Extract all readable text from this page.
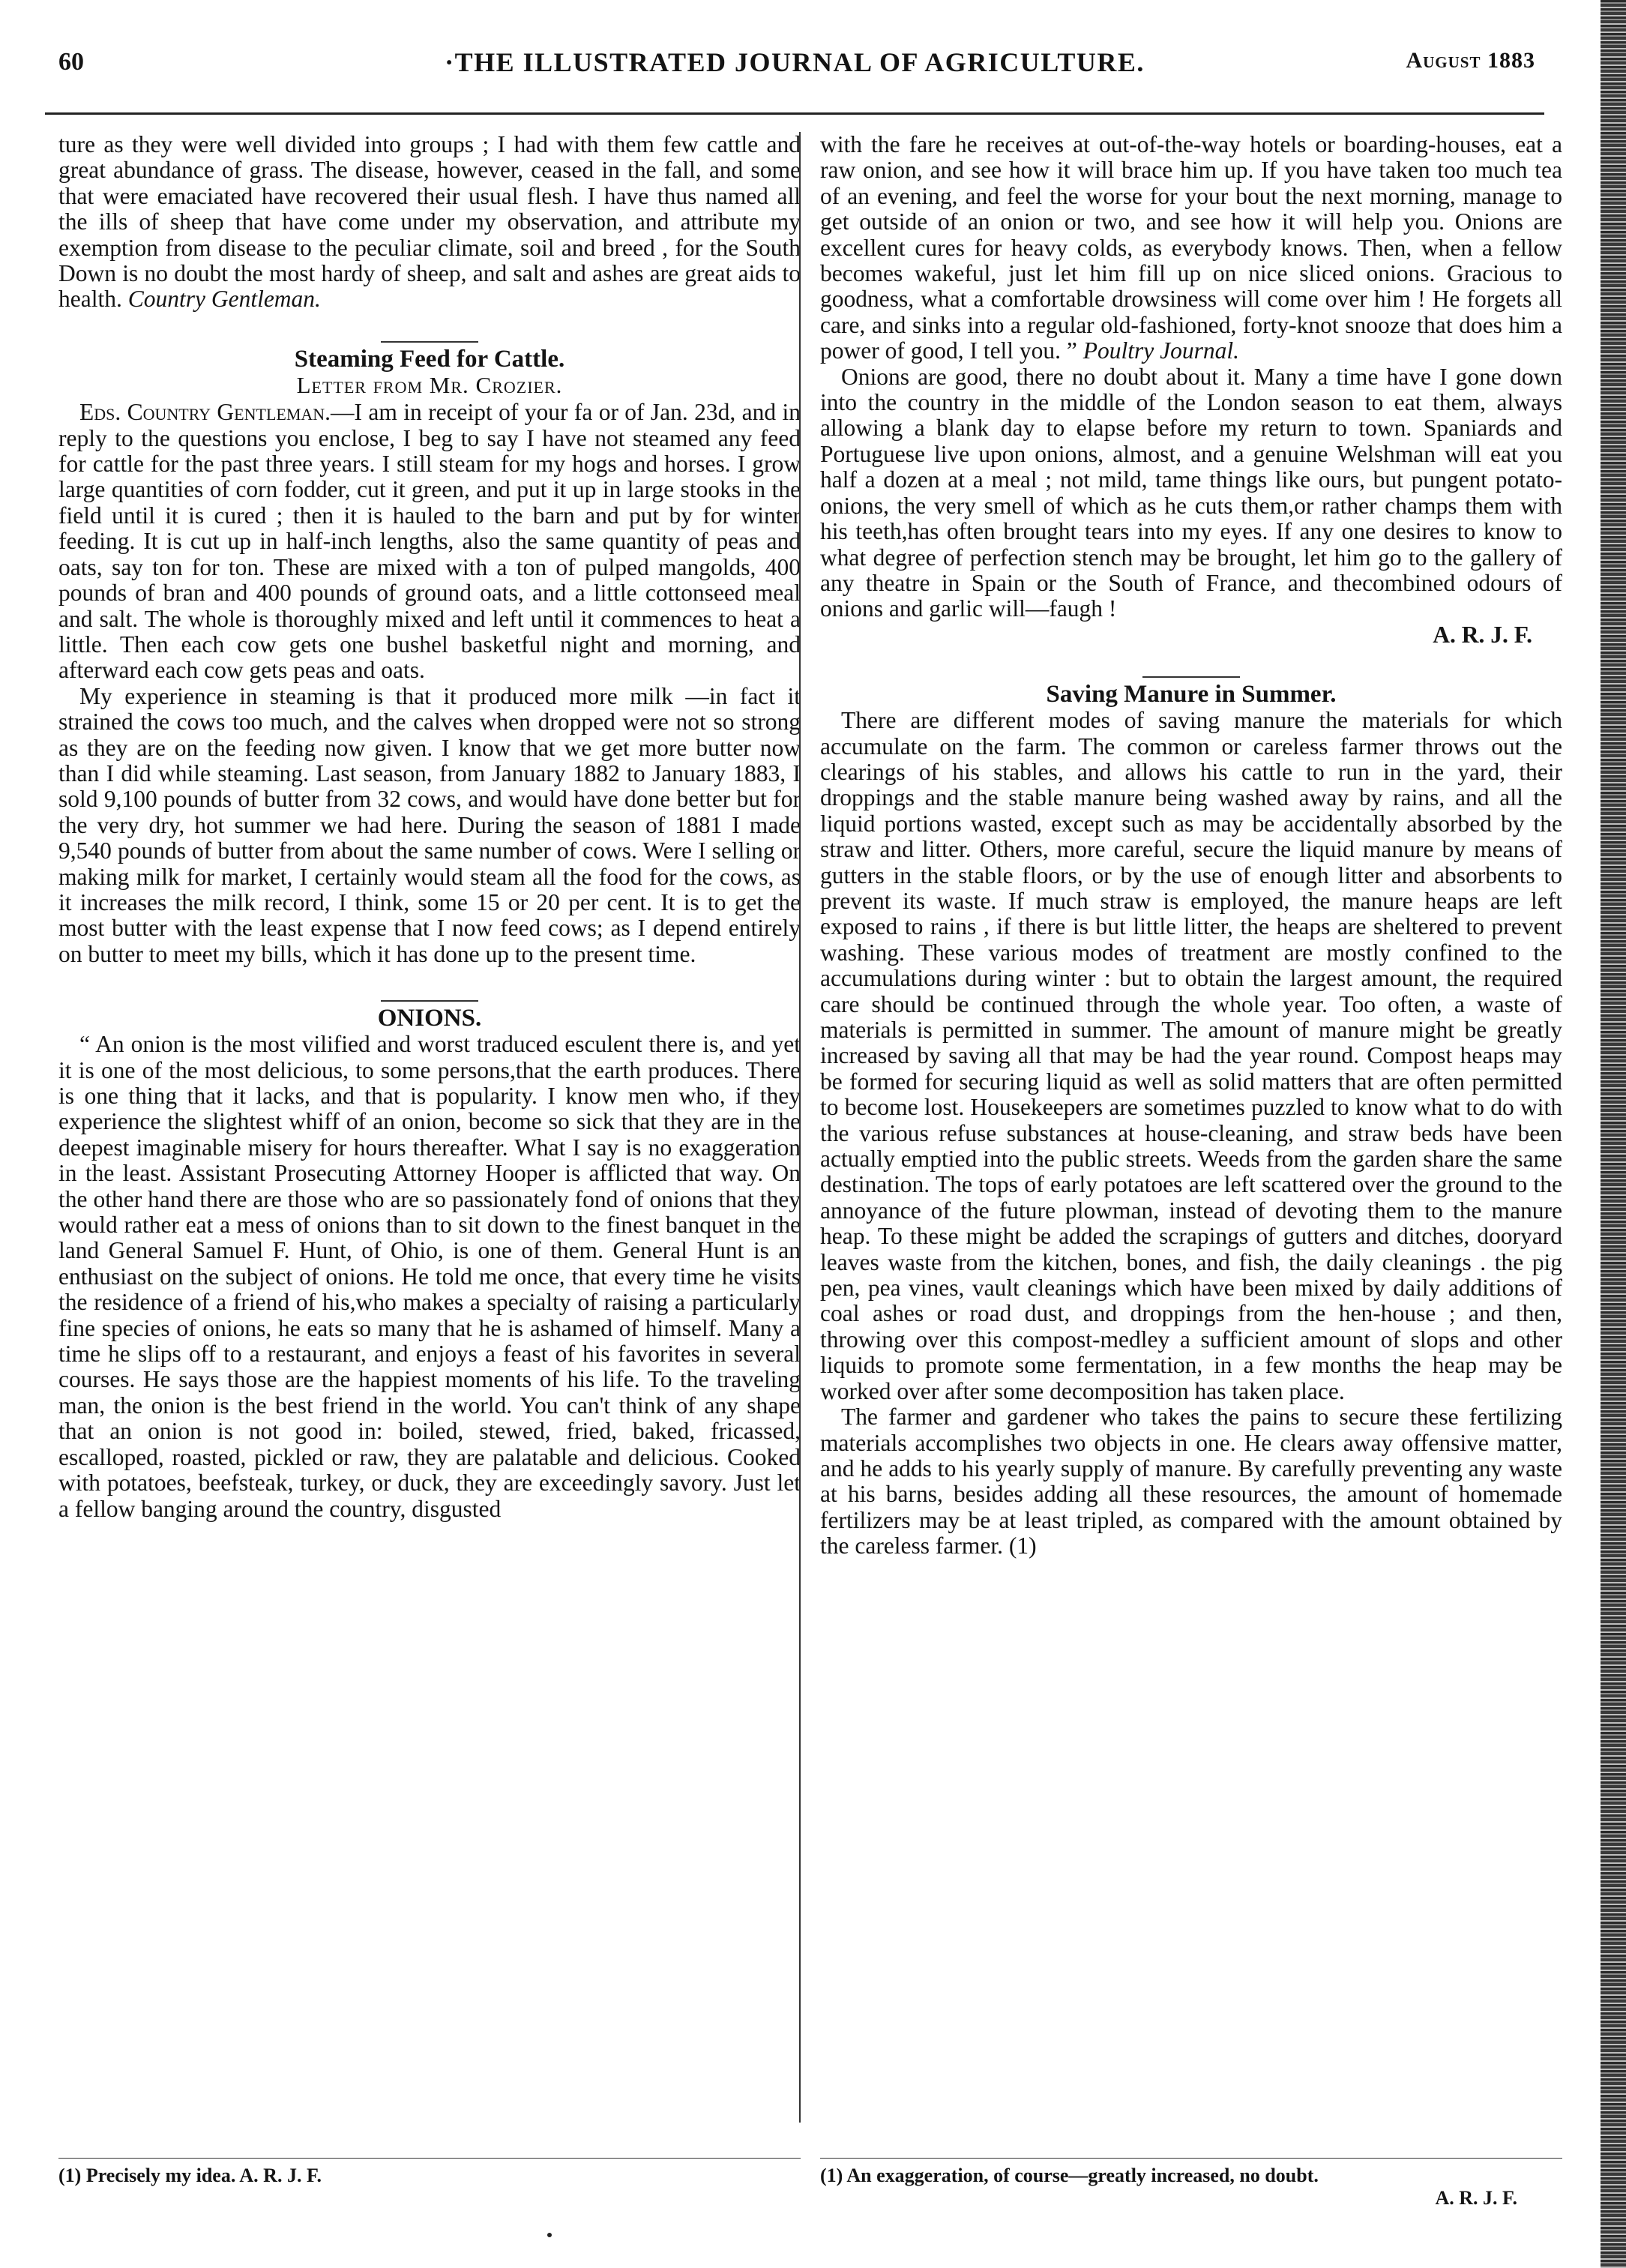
60	·THE ILLUSTRATED JOURNAL OF AGRICULTURE.	August 1883

ture as they were well divided into groups ; I had with them few cattle and great abundance of grass. The disease, however, ceased in the fall, and some that were emaciated have recovered their usual flesh. I have thus named all the ills of sheep that have come under my observation, and attribute my exemption from disease to the peculiar climate, soil and breed , for the South Down is no doubt the most hardy of sheep, and salt and ashes are great aids to health. Country Gentleman.

Steaming Feed for Cattle.
Letter from Mr. Crozier.

Eds. Country Gentleman.—I am in receipt of your fa or of Jan. 23d, and in reply to the questions you enclose, I beg to say I have not steamed any feed for cattle for the past three years. I still steam for my hogs and horses. I grow large quantities of corn fodder, cut it green, and put it up in large stooks in the field until it is cured ; then it is hauled to the barn and put by for winter feeding. It is cut up in half-inch lengths, also the same quantity of peas and oats, say ton for ton. These are mixed with a ton of pulped mangolds, 400 pounds of bran and 400 pounds of ground oats, and a little cottonseed meal and salt. The whole is thoroughly mixed and left until it commences to heat a little. Then each cow gets one bushel basketful night and morning, and afterward each cow gets peas and oats.

My experience in steaming is that it produced more milk —in fact it strained the cows too much, and the calves when dropped were not so strong as they are on the feeding now given. I know that we get more butter now than I did while steaming. Last season, from January 1882 to January 1883, I sold 9,100 pounds of butter from 32 cows, and would have done better but for the very dry, hot summer we had here. During the season of 1881 I made 9,540 pounds of butter from about the same number of cows. Were I selling or making milk for market, I certainly would steam all the food for the cows, as it increases the milk record, I think, some 15 or 20 per cent. It is to get the most butter with the least expense that I now feed cows; as I depend entirely on butter to meet my bills, which it has done up to the present time.

ONIONS.

“ An onion is the most vilified and worst traduced esculent there is, and yet it is one of the most delicious, to some persons,that the earth produces. There is one thing that it lacks, and that is popularity. I know men who, if they experience the slightest whiff of an onion, become so sick that they are in the deepest imaginable misery for hours thereafter. What I say is no exaggeration in the least. Assistant Prosecuting Attorney Hooper is afflicted that way. On the other hand there are those who are so passionately fond of onions that they would rather eat a mess of onions than to sit down to the finest banquet in the land General Samuel F. Hunt, of Ohio, is one of them. General Hunt is an enthusiast on the subject of onions. He told me once, that every time he visits the residence of a friend of his,who makes a specialty of raising a particularly fine species of onions, he eats so many that he is ashamed of himself. Many a time he slips off to a restaurant, and enjoys a feast of his favorites in several courses. He says those are the happiest moments of his life. To the traveling man, the onion is the best friend in the world. You can't think of any shape that an onion is not good in: boiled, stewed, fried, baked, fricassed, escalloped, roasted, pickled or raw, they are palatable and delicious. Cooked with potatoes, beefsteak, turkey, or duck, they are exceedingly savory. Just let a fellow banging around the country, disgusted

with the fare he receives at out-of-the-way hotels or boarding-houses, eat a raw onion, and see how it will brace him up. If you have taken too much tea of an evening, and feel the worse for your bout the next morning, manage to get outside of an onion or two, and see how it will help you. Onions are excellent cures for heavy colds, as everybody knows. Then, when a fellow becomes wakeful, just let him fill up on nice sliced onions. Gracious to goodness, what a comfortable drowsiness will come over him ! He forgets all care, and sinks into a regular old-fashioned, forty-knot snooze that does him a power of good, I tell you. ” Poultry Journal.

Onions are good, there no doubt about it. Many a time have I gone down into the country in the middle of the London season to eat them, always allowing a blank day to elapse before my return to town. Spaniards and Portuguese live upon onions, almost, and a genuine Welshman will eat you half a dozen at a meal ; not mild, tame things like ours, but pungent potato-onions, the very smell of which as he cuts them,or rather champs them with his teeth,has often brought tears into my eyes. If any one desires to know to what degree of perfection stench may be brought, let him go to the gallery of any theatre in Spain or the South of France, and thecombined odours of onions and garlic will—faugh !

A. R. J. F.

Saving Manure in Summer.

There are different modes of saving manure the materials for which accumulate on the farm. The common or careless farmer throws out the clearings of his stables, and allows his cattle to run in the yard, their droppings and the stable manure being washed away by rains, and all the liquid portions wasted, except such as may be accidentally absorbed by the straw and litter. Others, more careful, secure the liquid manure by means of gutters in the stable floors, or by the use of enough litter and absorbents to prevent its waste. If much straw is employed, the manure heaps are left exposed to rains , if there is but little litter, the heaps are sheltered to prevent washing. These various modes of treatment are mostly confined to the accumulations during winter : but to obtain the largest amount, the required care should be continued through the whole year. Too often, a waste of materials is permitted in summer. The amount of manure might be greatly increased by saving all that may be had the year round. Compost heaps may be formed for securing liquid as well as solid matters that are often permitted to become lost. Housekeepers are sometimes puzzled to know what to do with the various refuse substances at house-cleaning, and straw beds have been actually emptied into the public streets. Weeds from the garden share the same destination. The tops of early potatoes are left scattered over the ground to the annoyance of the future plowman, instead of devoting them to the manure heap. To these might be added the scrapings of gutters and ditches, dooryard leaves waste from the kitchen, bones, and fish, the daily cleanings . the pig pen, pea vines, vault cleanings which have been mixed by daily additions of coal ashes or road dust, and droppings from the hen-house ; and then, throwing over this compost-medley a sufficient amount of slops and other liquids to promote some fermentation, in a few months the heap may be worked over after some decomposition has taken place.

The farmer and gardener who takes the pains to secure these fertilizing materials accomplishes two objects in one. He clears away offensive matter, and he adds to his yearly supply of manure. By carefully preventing any waste at his barns, besides adding all these resources, the amount of homemade fertilizers may be at least tripled, as compared with the amount obtained by the careless farmer. (1)

(1) Precisely my idea. A. R. J. F.	(1) An exaggeration, of course—greatly increased, no doubt.

A. R. J. F.
